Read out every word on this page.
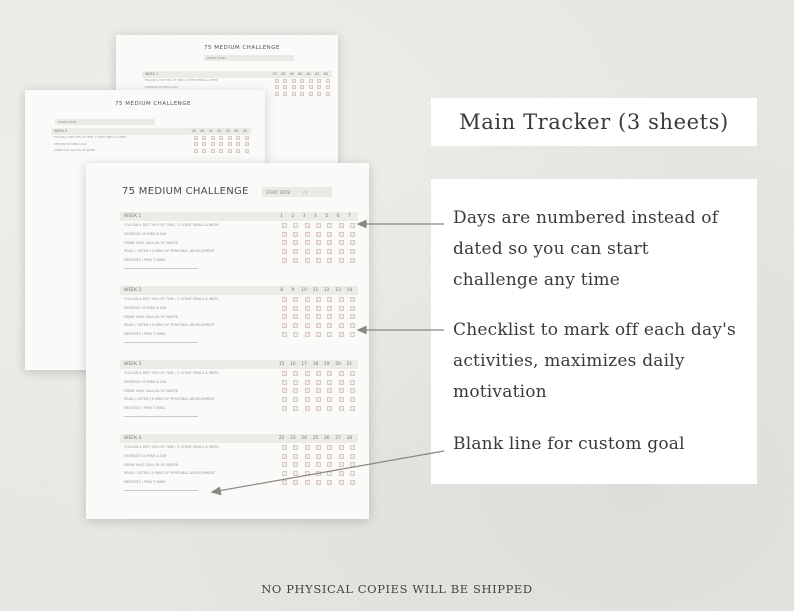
75 MEDIUM CHALLENGE
START DATE:
WEEK 1	57	58	59	60	61	62	63
FOLLOW A DIET 90% OF TIME / 2 CHEAT MEALS A WEEK
EXERCISE 45 MINS A DAY
75 MEDIUM CHALLENGE
START DATE:
WEEK 5	29	30	31	32	33	34	35
FOLLOW A DIET 90% OF TIME / 2 CHEAT MEALS A WEEK
EXERCISE 45 MINS A DAY
DRINK HALF GALLON OF WATER
75 MEDIUM CHALLENGE	START DATE:	/ /
WEEK 1	1	2	3	4	5	6	7
FOLLOW A DIET 90% OF TIME / 2 CHEAT MEALS A WEEK
EXERCISE 45 MINS A DAY
DRINK HALF GALLON OF WATER
READ / LISTEN 10 MINS OF PERSONAL DEVELOPMENT
MEDITATE / PRAY 5 MINS
WEEK 2	8	9	10	11	12	13	14
FOLLOW A DIET 90% OF TIME / 2 CHEAT MEALS A WEEK
EXERCISE 45 MINS A DAY
DRINK HALF GALLON OF WATER
READ / LISTEN 10 MINS OF PERSONAL DEVELOPMENT
MEDITATE / PRAY 5 MINS
WEEK 3	15	16	17	18	19	20	21
FOLLOW A DIET 90% OF TIME / 2 CHEAT MEALS A WEEK
EXERCISE 45 MINS A DAY
DRINK HALF GALLON OF WATER
READ / LISTEN 10 MINS OF PERSONAL DEVELOPMENT
MEDITATE / PRAY 5 MINS
WEEK 4	22	23	24	25	26	27	28
FOLLOW A DIET 90% OF TIME / 2 CHEAT MEALS A WEEK
EXERCISE 45 MINS A DAY
DRINK HALF GALLON OF WATER
READ / LISTEN 10 MINS OF PERSONAL DEVELOPMENT
MEDITATE / PRAY 5 MINS

Main Tracker (3 sheets)

Days are numbered instead of dated so you can start challenge any time

Checklist to mark off each day's activities, maximizes daily motivation

Blank line for custom goal

NO PHYSICAL COPIES WILL BE SHIPPED
